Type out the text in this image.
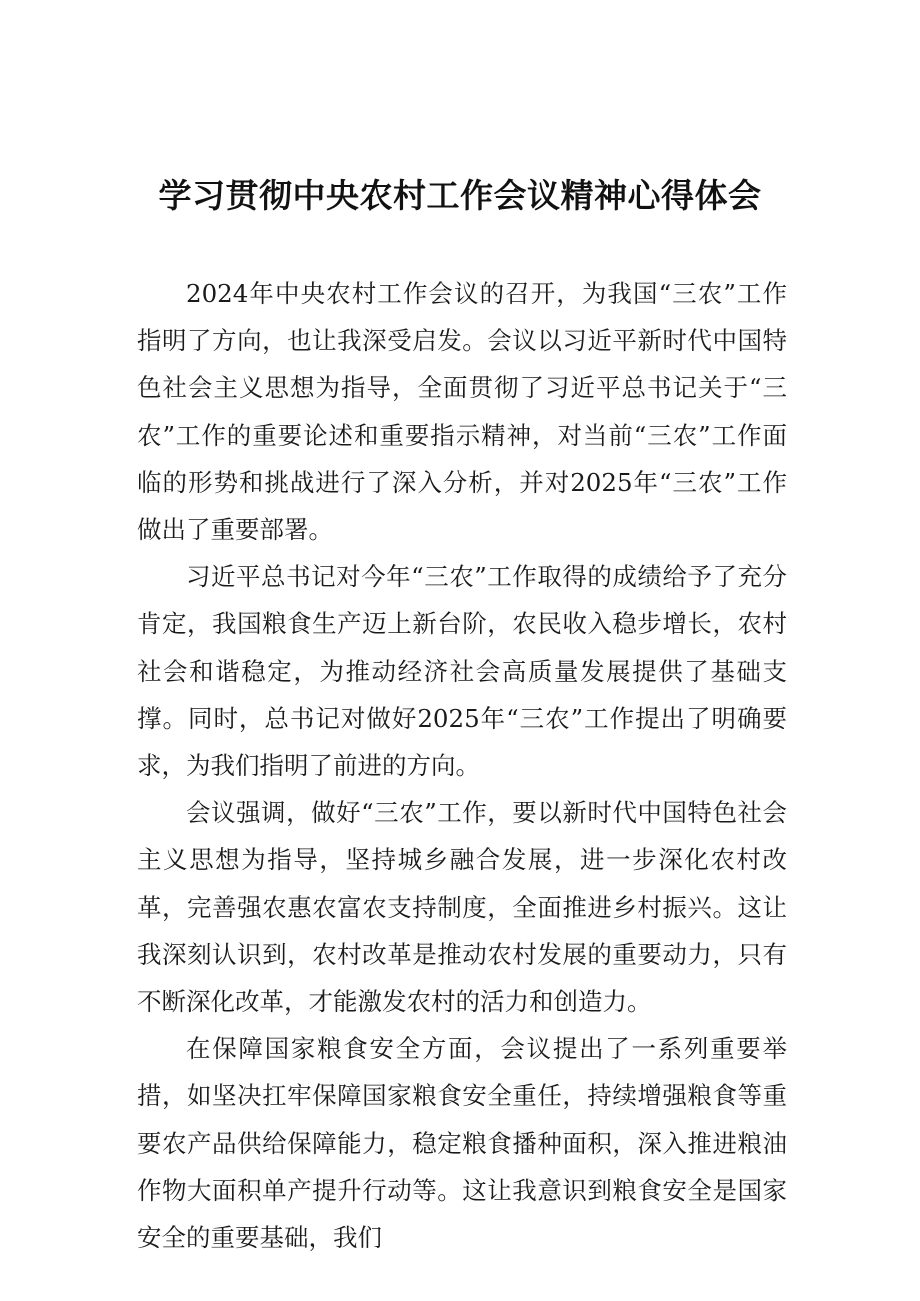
学习贯彻中央农村工作会议精神心得体会

2024年中央农村工作会议的召开，为我国“三农”工作指明了方向，也让我深受启发。会议以习近平新时代中国特色社会主义思想为指导，全面贯彻了习近平总书记关于“三农”工作的重要论述和重要指示精神，对当前“三农”工作面临的形势和挑战进行了深入分析，并对2025年“三农”工作做出了重要部署。

习近平总书记对今年“三农”工作取得的成绩给予了充分肯定，我国粮食生产迈上新台阶，农民收入稳步增长，农村社会和谐稳定，为推动经济社会高质量发展提供了基础支撑。同时，总书记对做好2025年“三农”工作提出了明确要求，为我们指明了前进的方向。

会议强调，做好“三农”工作，要以新时代中国特色社会主义思想为指导，坚持城乡融合发展，进一步深化农村改革，完善强农惠农富农支持制度，全面推进乡村振兴。这让我深刻认识到，农村改革是推动农村发展的重要动力，只有不断深化改革，才能激发农村的活力和创造力。

在保障国家粮食安全方面，会议提出了一系列重要举措，如坚决扛牢保障国家粮食安全重任，持续增强粮食等重要农产品供给保障能力，稳定粮食播种面积，深入推进粮油作物大面积单产提升行动等。这让我意识到粮食安全是国家安全的重要基础，我们
